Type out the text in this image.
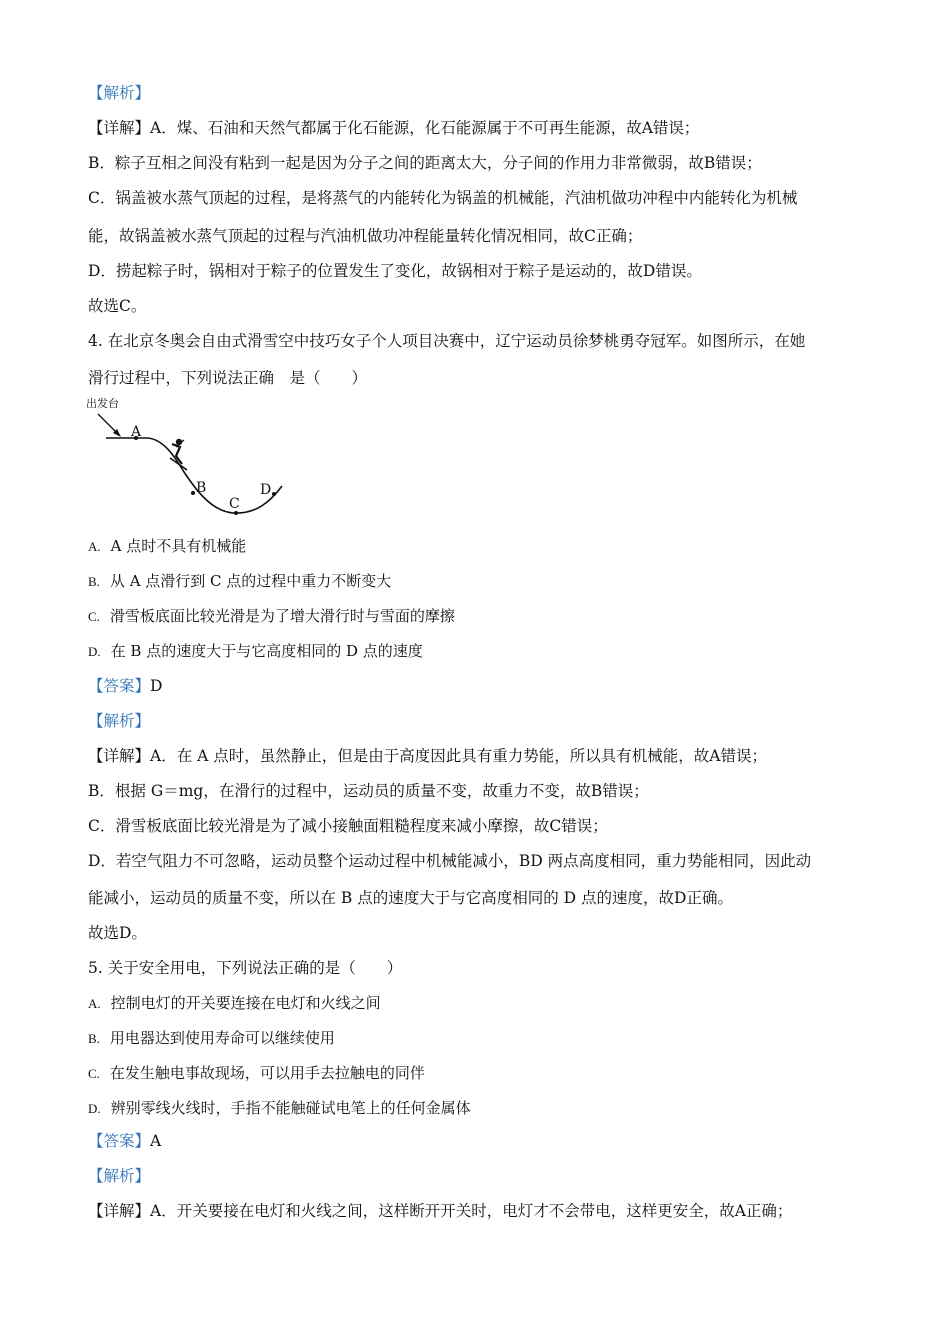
【解析】
【详解】A．煤、石油和天然气都属于化石能源，化石能源属于不可再生能源，故A错误；
B．粽子互相之间没有粘到一起是因为分子之间的距离太大，分子间的作用力非常微弱，故B错误；
C．锅盖被水蒸气顶起的过程，是将蒸气的内能转化为锅盖的机械能，汽油机做功冲程中内能转化为机械
能，故锅盖被水蒸气顶起的过程与汽油机做功冲程能量转化情况相同，故C正确；
D．捞起粽子时，锅相对于粽子的位置发生了变化，故锅相对于粽子是运动的，故D错误。
故选C。
4. 在北京冬奥会自由式滑雪空中技巧女子个人项目决赛中，辽宁运动员徐梦桃勇夺冠军。如图所示，在她
滑行过程中，下列说法正确　是（　　）
出发台
A
B
C
D
A. A 点时不具有机械能
B. 从 A 点滑行到 C 点的过程中重力不断变大
C. 滑雪板底面比较光滑是为了增大滑行时与雪面的摩擦
D. 在 B 点的速度大于与它高度相同的 D 点的速度
【答案】D
【解析】
【详解】A．在 A 点时，虽然静止，但是由于高度因此具有重力势能，所以具有机械能，故A错误；
B．根据 G＝mg，在滑行的过程中，运动员的质量不变，故重力不变，故B错误；
C．滑雪板底面比较光滑是为了减小接触面粗糙程度来减小摩擦，故C错误；
D．若空气阻力不可忽略，运动员整个运动过程中机械能减小，BD 两点高度相同，重力势能相同，因此动
能减小，运动员的质量不变，所以在 B 点的速度大于与它高度相同的 D 点的速度，故D正确。
故选D。
5. 关于安全用电，下列说法正确的是（　　）
A. 控制电灯的开关要连接在电灯和火线之间
B. 用电器达到使用寿命可以继续使用
C. 在发生触电事故现场，可以用手去拉触电的同伴
D. 辨别零线火线时，手指不能触碰试电笔上的任何金属体
【答案】A
【解析】
【详解】A．开关要接在电灯和火线之间，这样断开开关时，电灯才不会带电，这样更安全，故A正确；
